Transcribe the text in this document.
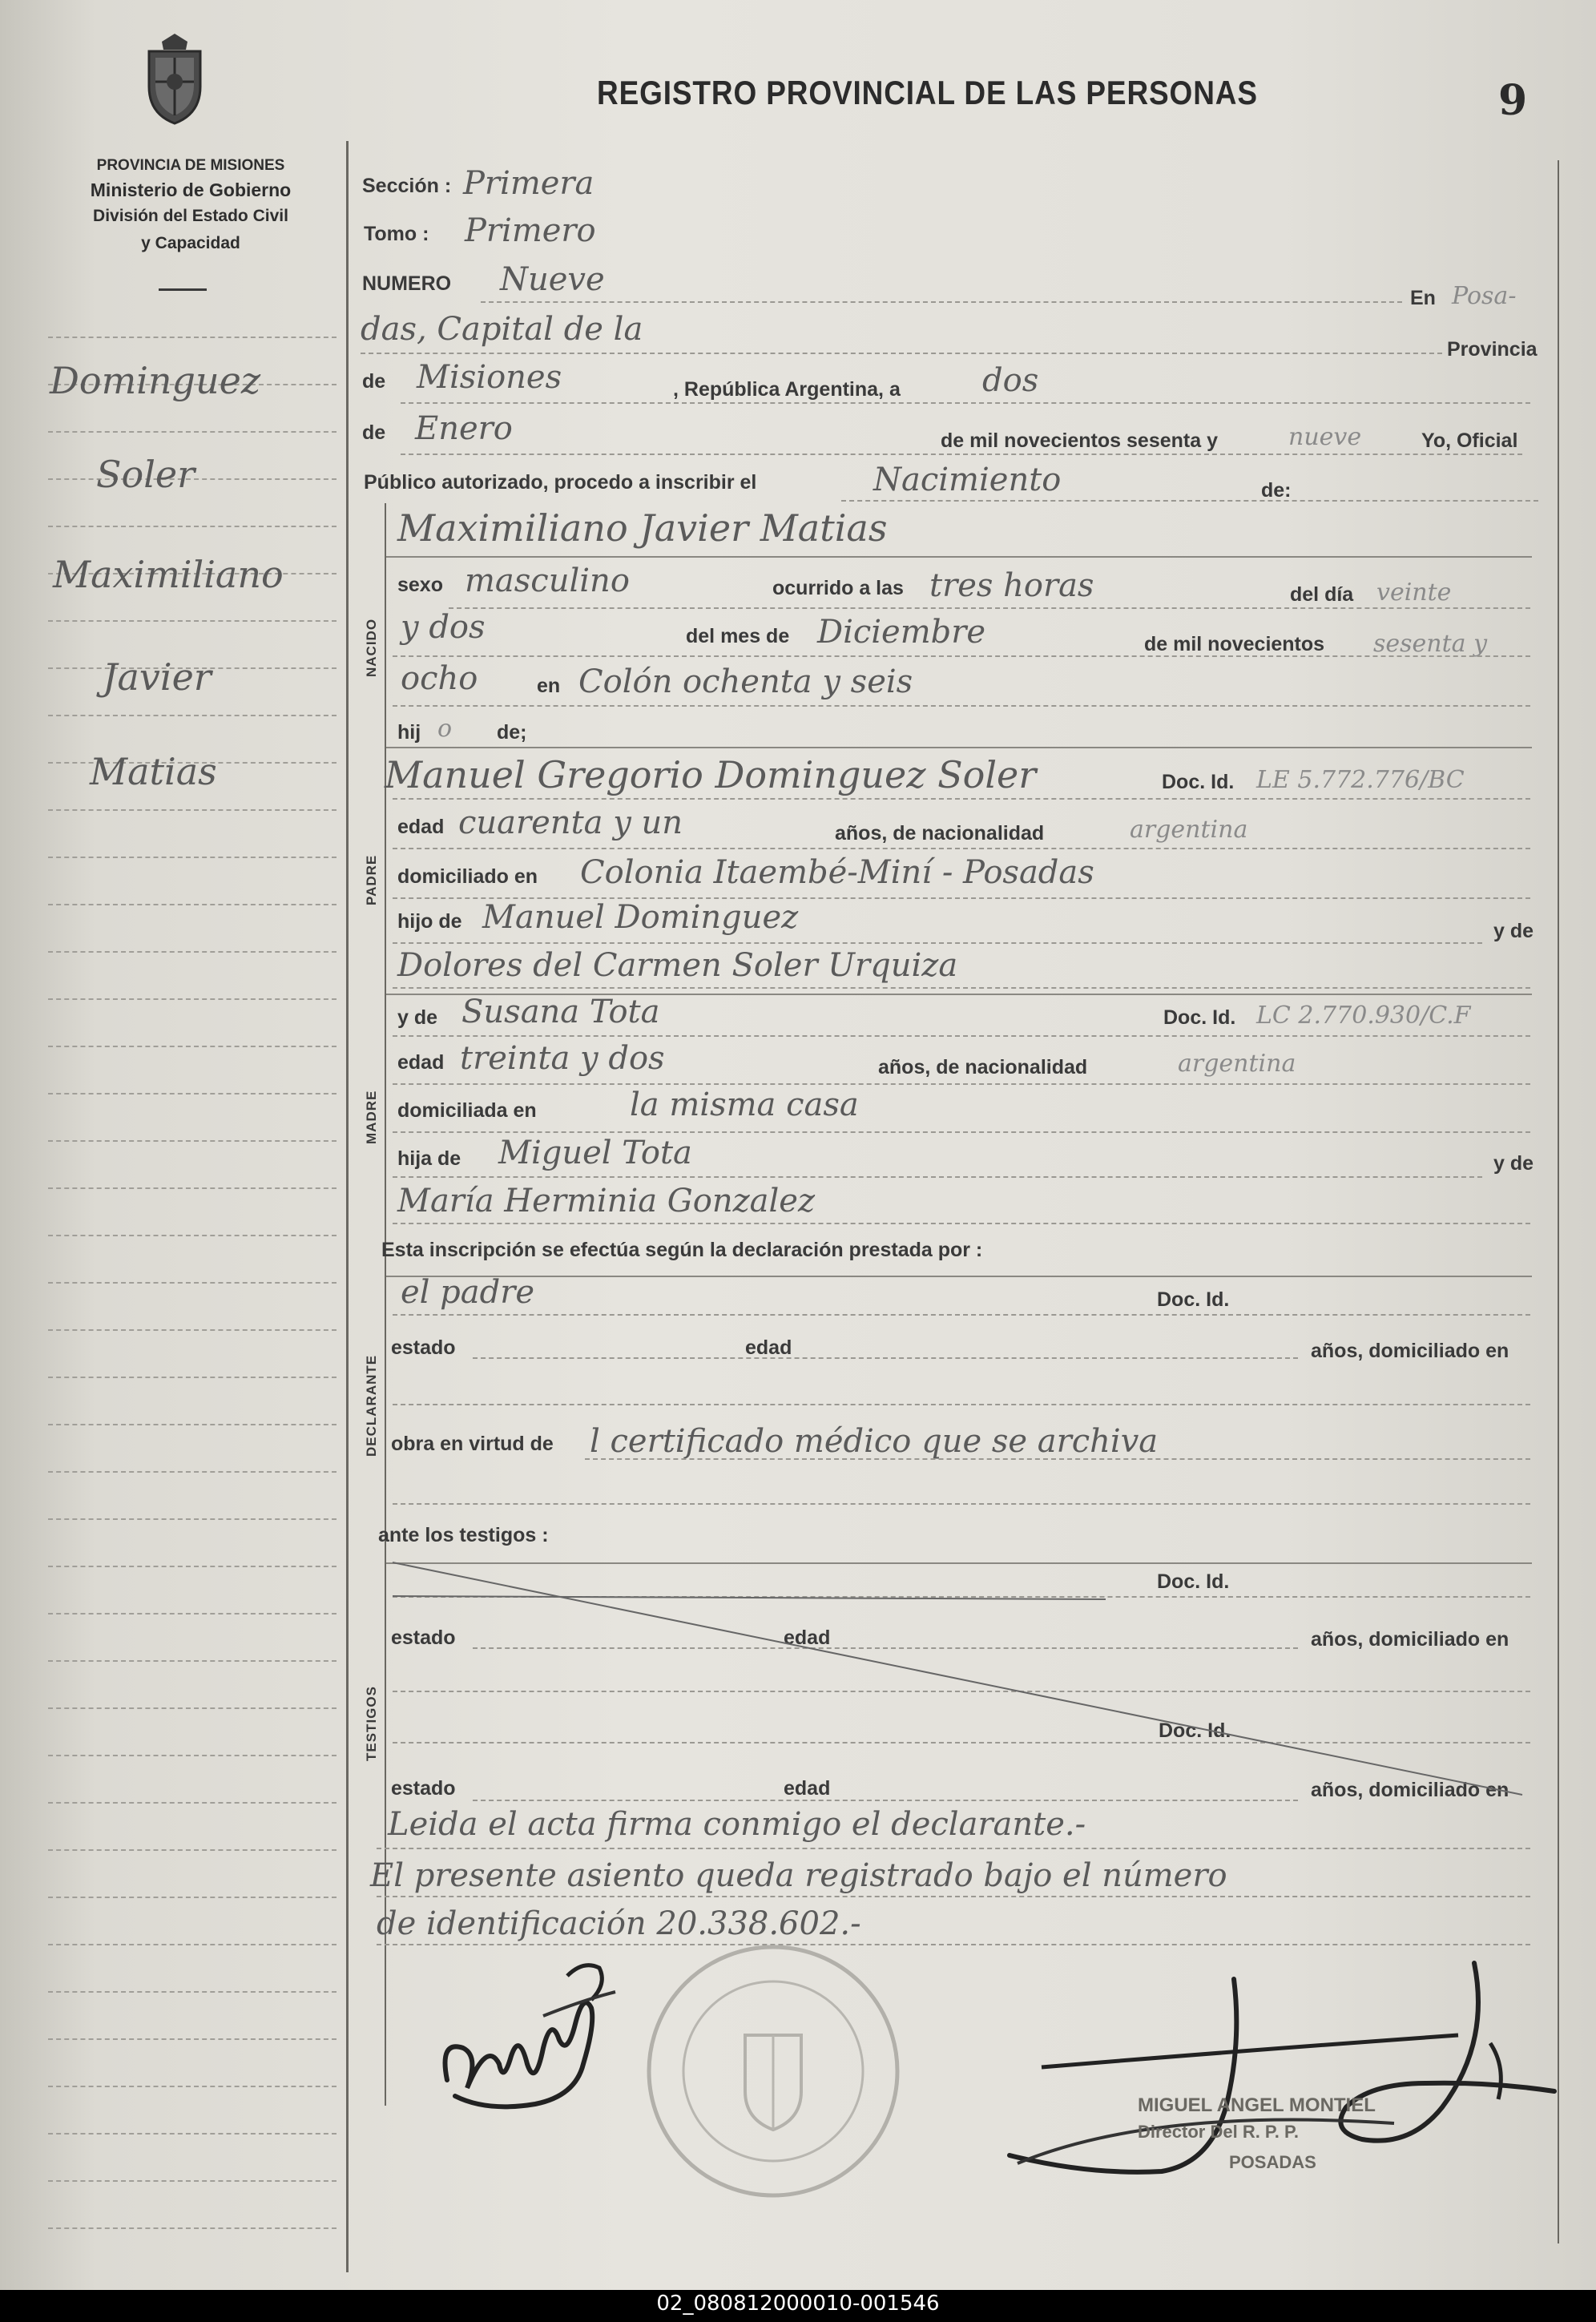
PROVINCIA DE MISIONES
Ministerio de Gobierno
División del Estado Civil
y Capacidad
Dominguez
Soler
Maximiliano
Javier
Matias
REGISTRO PROVINCIAL DE LAS PERSONAS	9
Sección : Primera
Tomo : Primero
NUMERO Nueve	En Posa-
das, Capital de la
Provincia
de Misiones	, República Argentina, a	dos
de Enero	de mil novecientos sesenta y	nueve	Yo, Oficial
Público autorizado, procedo a inscribir el	Nacimiento	de:
NACIDO
Maximiliano Javier Matias
sexo masculino	ocurrido a las tres horas	del día veinte
y dos	del mes de Diciembre	de mil novecientos sesenta y
ocho	en Colón ochenta y seis
hij o de;
PADRE
Manuel Gregorio Dominguez Soler	Doc. Id. LE 5.772.776/BC
edad cuarenta y un	años, de nacionalidad	argentina
domiciliado en Colonia Itaembé-Miní - Posadas
hijo de Manuel Dominguez	y de
Dolores del Carmen Soler Urquiza
MADRE
y de Susana Tota	Doc. Id. LC 2.770.930/C.F
edad treinta y dos	años, de nacionalidad	argentina
domiciliada en	la misma casa
hija de Miguel Tota	y de
María Herminia Gonzalez
Esta inscripción se efectúa según la declaración prestada por :
DECLARANTE
el padre	Doc. Id.
estado	edad	años, domiciliado en
obra en virtud de l certificado médico que se archiva
ante los testigos :
TESTIGOS
Doc. Id.
estado	edad	años, domiciliado en
Doc. Id.
estado	edad	años, domiciliado en
Leida el acta firma conmigo el declarante.-
El presente asiento queda registrado bajo el número
de identificación 20.338.602.-
MIGUEL ANGEL MONTIEL
Director Del R. P. P.
POSADAS
02_080812000010-001546
